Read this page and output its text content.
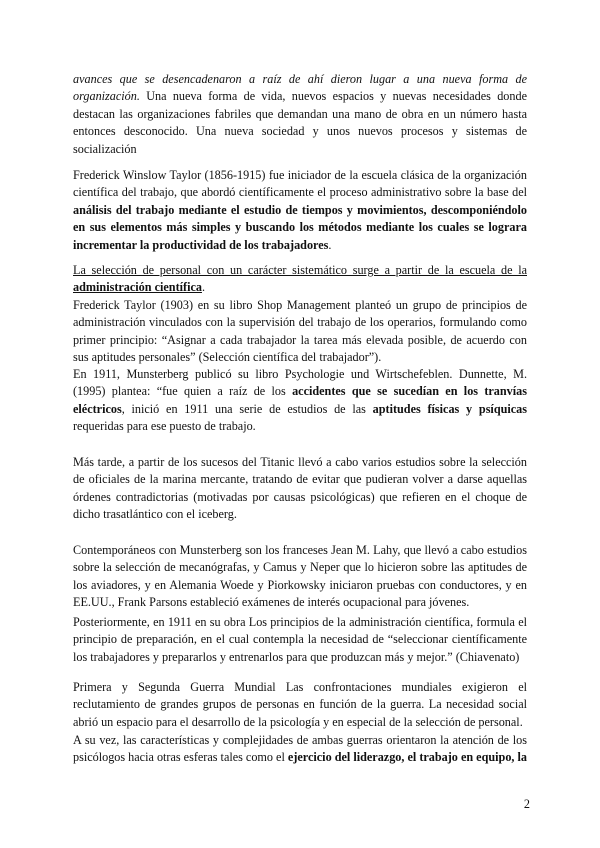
avances que se desencadenaron a raíz de ahí dieron lugar a una nueva forma de organización. Una nueva forma de vida, nuevos espacios y nuevas necesidades donde destacan las organizaciones fabriles que demandan una mano de obra en un número hasta entonces desconocido. Una nueva sociedad y unos nuevos procesos y sistemas de socialización

Frederick Winslow Taylor (1856-1915) fue iniciador de la escuela clásica de la organización científica del trabajo, que abordó científicamente el proceso administrativo sobre la base del análisis del trabajo mediante el estudio de tiempos y movimientos, descomponiéndolo en sus elementos más simples y buscando los métodos mediante los cuales se lograra incrementar la productividad de los trabajadores.

La selección de personal con un carácter sistemático surge a partir de la escuela de la administración científica.
Frederick Taylor (1903) en su libro Shop Management planteó un grupo de principios de administración vinculados con la supervisión del trabajo de los operarios, formulando como primer principio: “Asignar a cada trabajador la tarea más elevada posible, de acuerdo con sus aptitudes personales” (Selección científica del trabajador”).

En 1911, Munsterberg publicó su libro Psychologie und Wirtschefeblen. Dunnette, M. (1995) plantea: “fue quien a raíz de los accidentes que se sucedían en los tranvías eléctricos, inició en 1911 una serie de estudios de las aptitudes físicas y psíquicas requeridas para ese puesto de trabajo.

Más tarde, a partir de los sucesos del Titanic llevó a cabo varios estudios sobre la selección de oficiales de la marina mercante, tratando de evitar que pudieran volver a darse aquellas órdenes contradictorias (motivadas por causas psicológicas) que refieren en el choque de dicho trasatlántico con el iceberg.

Contemporáneos con Munsterberg son los franceses Jean M. Lahy, que llevó a cabo estudios sobre la selección de mecanógrafas, y Camus y Neper que lo hicieron sobre las aptitudes de los aviadores, y en Alemania Woede y Piorkowsky iniciaron pruebas con conductores, y en EE.UU., Frank Parsons estableció exámenes de interés ocupacional para jóvenes.

Posteriormente, en 1911 en su obra Los principios de la administración científica, formula el principio de preparación, en el cual contempla la necesidad de “seleccionar científicamente los trabajadores y prepararlos y entrenarlos para que produzcan más y mejor.” (Chiavenato)

Primera y Segunda Guerra Mundial Las confrontaciones mundiales exigieron el reclutamiento de grandes grupos de personas en función de la guerra. La necesidad social abrió un espacio para el desarrollo de la psicología y en especial de la selección de personal.

A su vez, las características y complejidades de ambas guerras orientaron la atención de los psicólogos hacia otras esferas tales como el ejercicio del liderazgo, el trabajo en equipo, la

2
